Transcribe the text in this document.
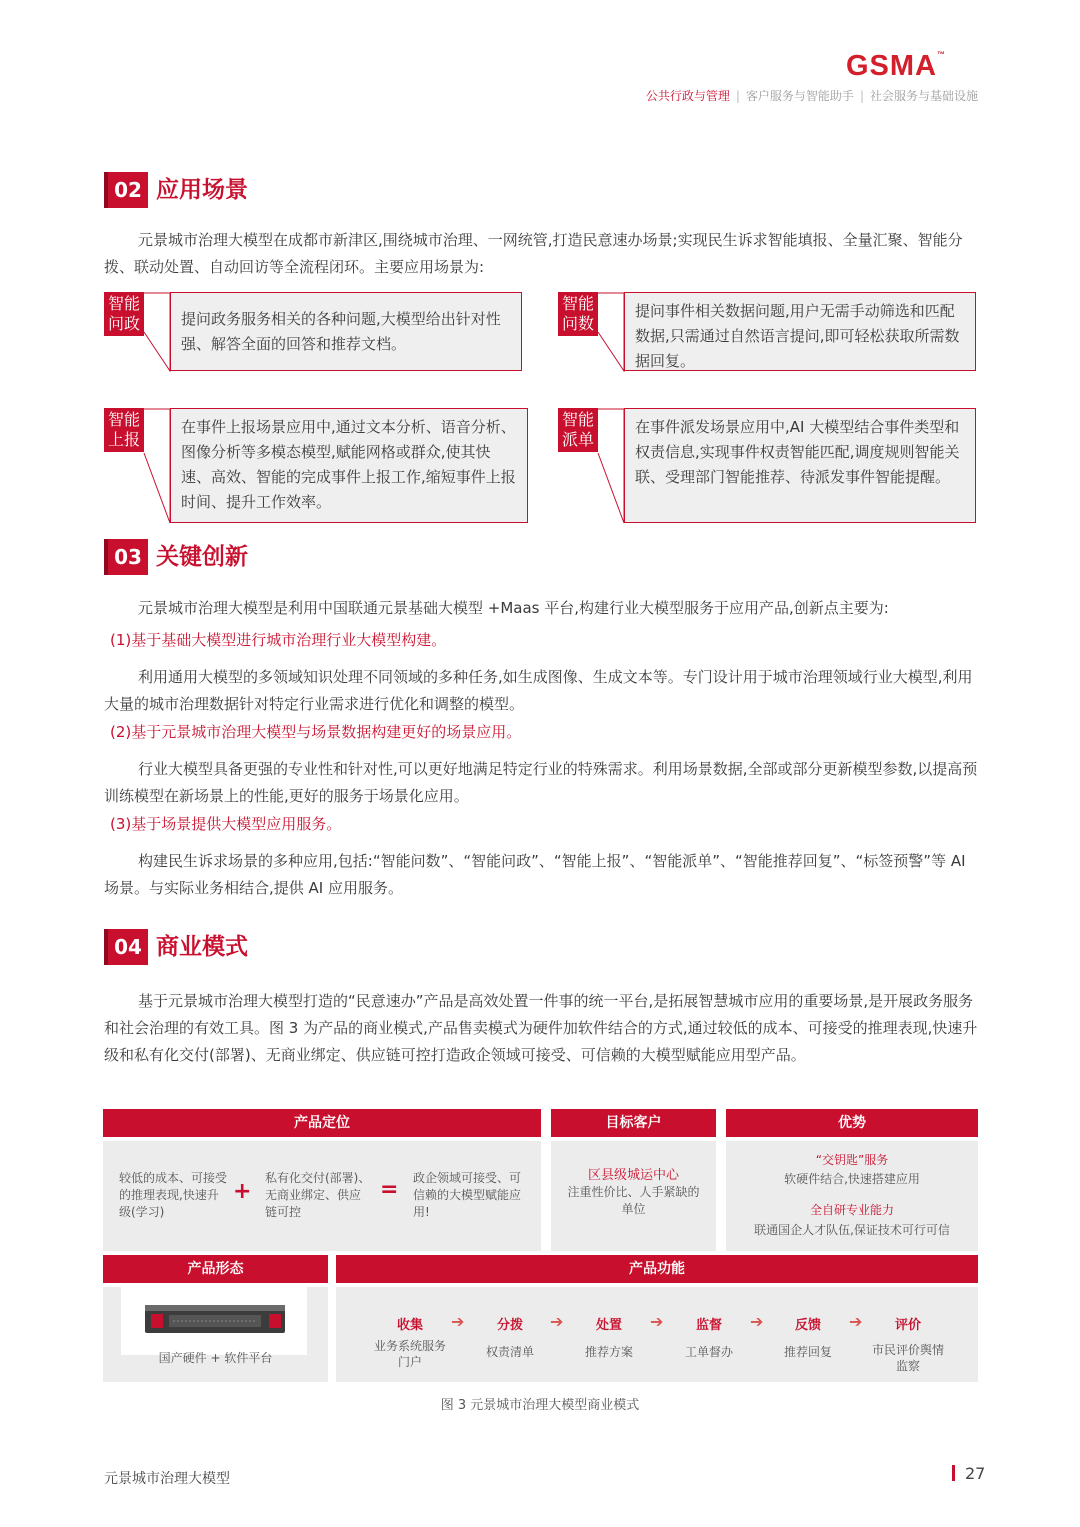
GSMA™
公共行政与管理 | 客户服务与智能助手 | 社会服务与基础设施
02 应用场景
元景城市治理大模型在成都市新津区,围绕城市治理、一网统管,打造民意速办场景;实现民生诉求智能填报、全量汇聚、智能分拨、联动处置、自动回访等全流程闭环。主要应用场景为:
智能问政	提问政务服务相关的各种问题,大模型给出针对性强、解答全面的回答和推荐文档。
智能问数
提问事件相关数据问题,用户无需手动筛选和匹配数据,只需通过自然语言提问,即可轻松获取所需数据回复。
智能上报
在事件上报场景应用中,通过文本分析、语音分析、图像分析等多模态模型,赋能网格或群众,使其快速、高效、智能的完成事件上报工作,缩短事件上报时间、提升工作效率。
智能派单
在事件派发场景应用中,AI 大模型结合事件类型和权责信息,实现事件权责智能匹配,调度规则智能关联、受理部门智能推荐、待派发事件智能提醒。
03 关键创新
元景城市治理大模型是利用中国联通元景基础大模型 +Maas 平台,构建行业大模型服务于应用产品,创新点主要为:
(1)基于基础大模型进行城市治理行业大模型构建。
利用通用大模型的多领域知识处理不同领域的多种任务,如生成图像、生成文本等。专门设计用于城市治理领域行业大模型,利用大量的城市治理数据针对特定行业需求进行优化和调整的模型。
(2)基于元景城市治理大模型与场景数据构建更好的场景应用。
行业大模型具备更强的专业性和针对性,可以更好地满足特定行业的特殊需求。利用场景数据,全部或部分更新模型参数,以提高预训练模型在新场景上的性能,更好的服务于场景化应用。
(3)基于场景提供大模型应用服务。
构建民生诉求场景的多种应用,包括:“智能问数”、“智能问政”、“智能上报”、“智能派单”、“智能推荐回复”、“标签预警”等 AI 场景。与实际业务相结合,提供 AI 应用服务。
04 商业模式
基于元景城市治理大模型打造的“民意速办”产品是高效处置一件事的统一平台,是拓展智慧城市应用的重要场景,是开展政务服务和社会治理的有效工具。图 3 为产品的商业模式,产品售卖模式为硬件加软件结合的方式,通过较低的成本、可接受的推理表现,快速升级和私有化交付(部署)、无商业绑定、供应链可控打造政企领域可接受、可信赖的大模型赋能应用型产品。
产品定位	目标客户	优势
较低的成本、可接受的推理表现,快速升级(学习)
+
私有化交付(部署)、无商业绑定、供应链可控
= 政企领域可接受、可信赖的大模型赋能应用!
区县级城运中心
注重性价比、人手紧缺的单位
“交钥匙”服务
软硬件结合,快速搭建应用
全自研专业能力
联通国企人才队伍,保证技术可行可信
产品形态	产品功能
国产硬件 + 软件平台
收集
业务系统服务门户
➔	分拨
权责清单
➔	处置
推荐方案
➔	监督
工单督办
➔	反馈
推荐回复
➔	评价
市民评价舆情监察
图 3 元景城市治理大模型商业模式
元景城市治理大模型	27
